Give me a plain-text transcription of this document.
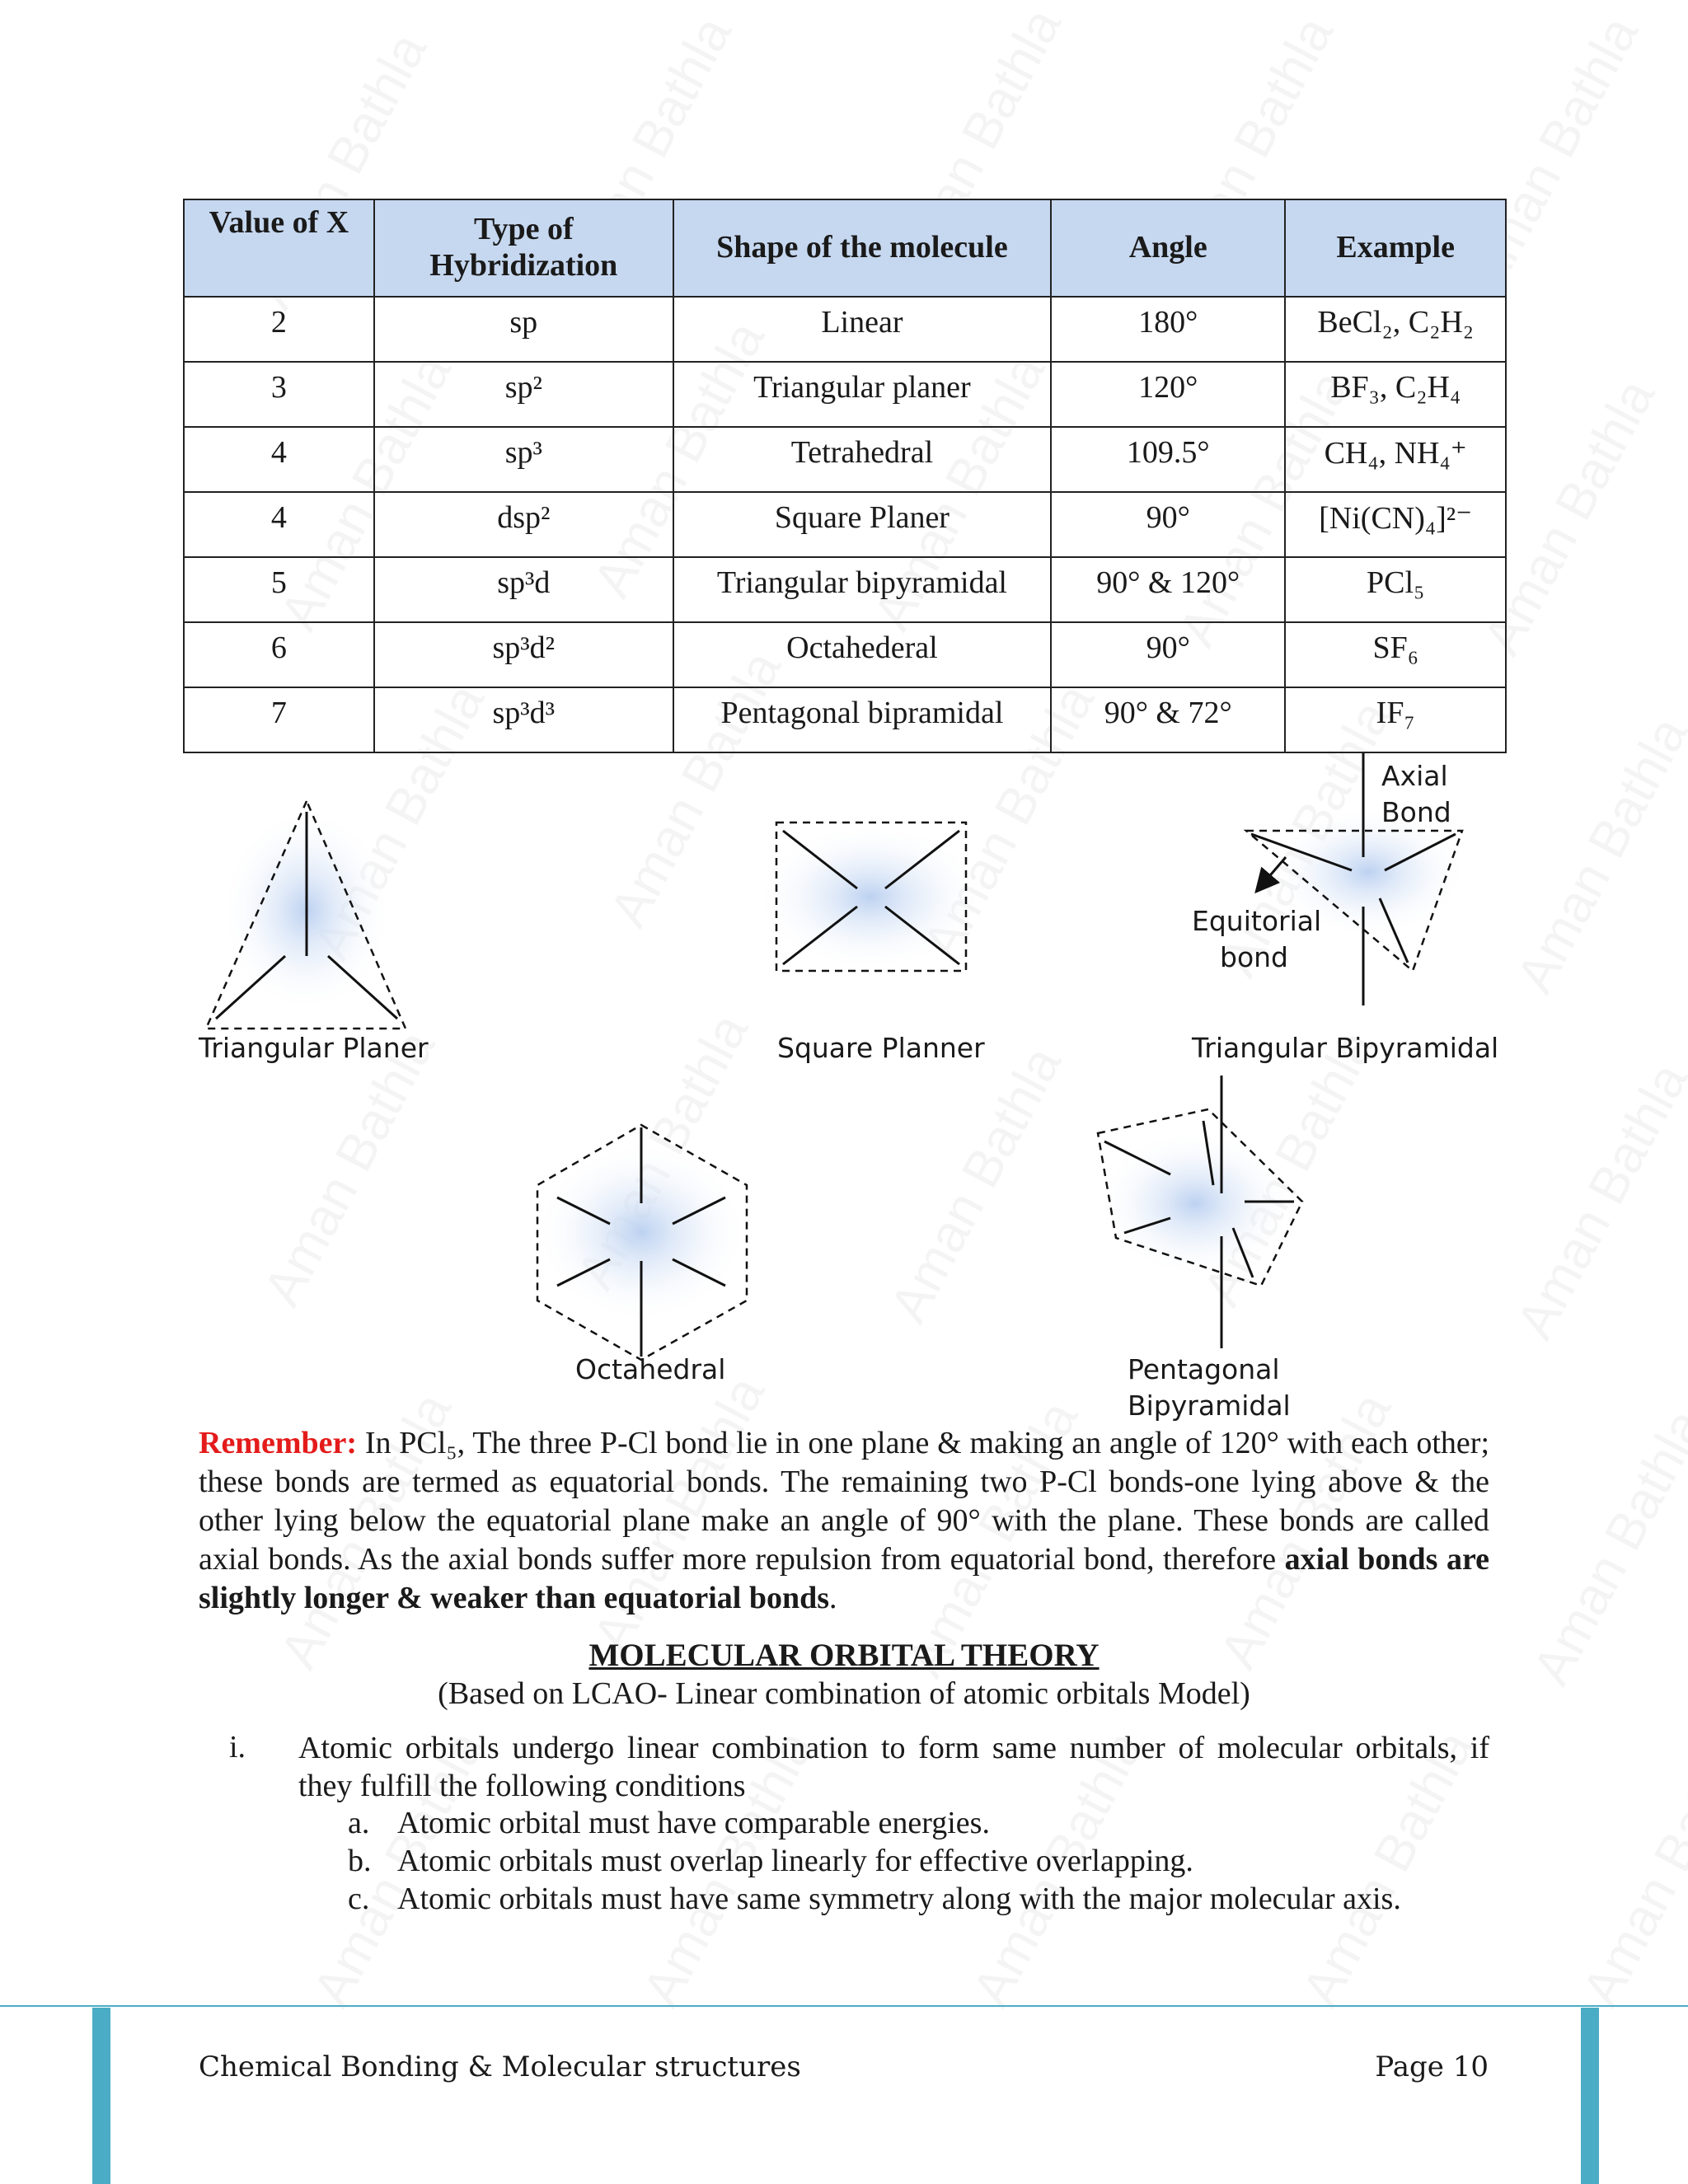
Value of X	Type of Hybridization	Shape of the molecule	Angle	Example
2	sp	Linear	180°	BeCl₂, C₂H₂
3	sp²	Triangular planer	120°	BF₃, C₂H₄
4	sp³	Tetrahedral	109.5°	CH₄, NH₄⁺
4	dsp²	Square Planer	90°	[Ni(CN)₄]²⁻
5	sp³d	Triangular bipyramidal	90° & 120°	PCl₅
6	sp³d²	Octahederal	90°	SF₆
7	sp³d³	Pentagonal bipramidal	90° & 72°	IF₇
Triangular Planer	Square Planner	Triangular Bipyramidal
Axial
Bond
Equitorial
bond
Octahedral	Pentagonal
Bipyramidal
Remember: In PCl₅, The three P-Cl bond lie in one plane & making an angle of 120° with each other; these bonds are termed as equatorial bonds. The remaining two P-Cl bonds-one lying above & the other lying below the equatorial plane make an angle of 90° with the plane. These bonds are called axial bonds. As the axial bonds suffer more repulsion from equatorial bond, therefore axial bonds are slightly longer & weaker than equatorial bonds.
MOLECULAR ORBITAL THEORY
(Based on LCAO- Linear combination of atomic orbitals Model)
i. Atomic orbitals undergo linear combination to form same number of molecular orbitals, if they fulfill the following conditions
a. Atomic orbital must have comparable energies.
b. Atomic orbitals must overlap linearly for effective overlapping.
c. Atomic orbitals must have same symmetry along with the major molecular axis.
Chemical Bonding & Molecular structures	Page 10
